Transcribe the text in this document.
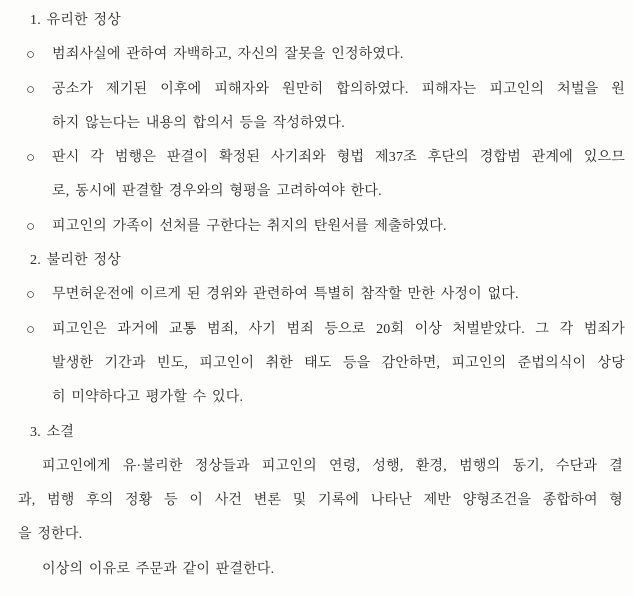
1. 유리한 정상
○ 범죄사실에 관하여 자백하고, 자신의 잘못을 인정하였다.
○ 공소가 제기된 이후에 피해자와 원만히 합의하였다. 피해자는 피고인의 처벌을 원
하지 않는다는 내용의 합의서 등을 작성하였다.
○ 판시 각 범행은 판결이 확정된 사기죄와 형법 제37조 후단의 경합범 관계에 있으므
로, 동시에 판결할 경우와의 형평을 고려하여야 한다.
○ 피고인의 가족이 선처를 구한다는 취지의 탄원서를 제출하였다.
2. 불리한 정상
○ 무면허운전에 이르게 된 경위와 관련하여 특별히 참작할 만한 사정이 없다.
○ 피고인은 과거에 교통 범죄, 사기 범죄 등으로 20회 이상 처벌받았다. 그 각 범죄가
발생한 기간과 빈도, 피고인이 취한 태도 등을 감안하면, 피고인의 준법의식이 상당
히 미약하다고 평가할 수 있다.
3. 소결
피고인에게 유·불리한 정상들과 피고인의 연령, 성행, 환경, 범행의 동기, 수단과 결
과, 범행 후의 정황 등 이 사건 변론 및 기록에 나타난 제반 양형조건을 종합하여 형
을 정한다.
이상의 이유로 주문과 같이 판결한다.
